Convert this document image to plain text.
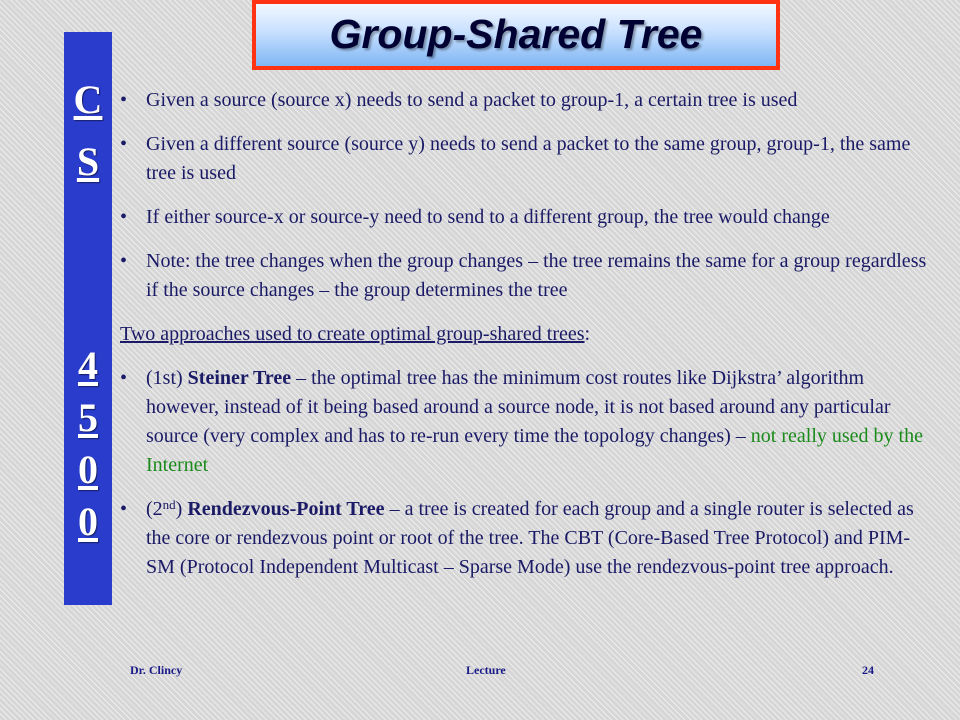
Group-Shared Tree
C
S
4
5
0
0
• Given a source (source x) needs to send a packet to group-1, a certain tree is used
• Given a different source (source y) needs to send a packet to the same group, group-1, the same tree is used
• If either source-x or source-y need to send to a different group, the tree would change
• Note: the tree changes when the group changes – the tree remains the same for a group regardless if the source changes – the group determines the tree
Two approaches used to create optimal group-shared trees:
• (1st) Steiner Tree – the optimal tree has the minimum cost routes like Dijkstra’ algorithm however, instead of it being based around a source node, it is not based around any particular source (very complex and has to re-run every time the topology changes) – not really used by the Internet
• (2nd) Rendezvous-Point Tree – a tree is created for each group and a single router is selected as the core or rendezvous point or root of the tree. The CBT (Core-Based Tree Protocol) and PIM-SM (Protocol Independent Multicast – Sparse Mode) use the rendezvous-point tree approach.
Dr. Clincy	Lecture	24
